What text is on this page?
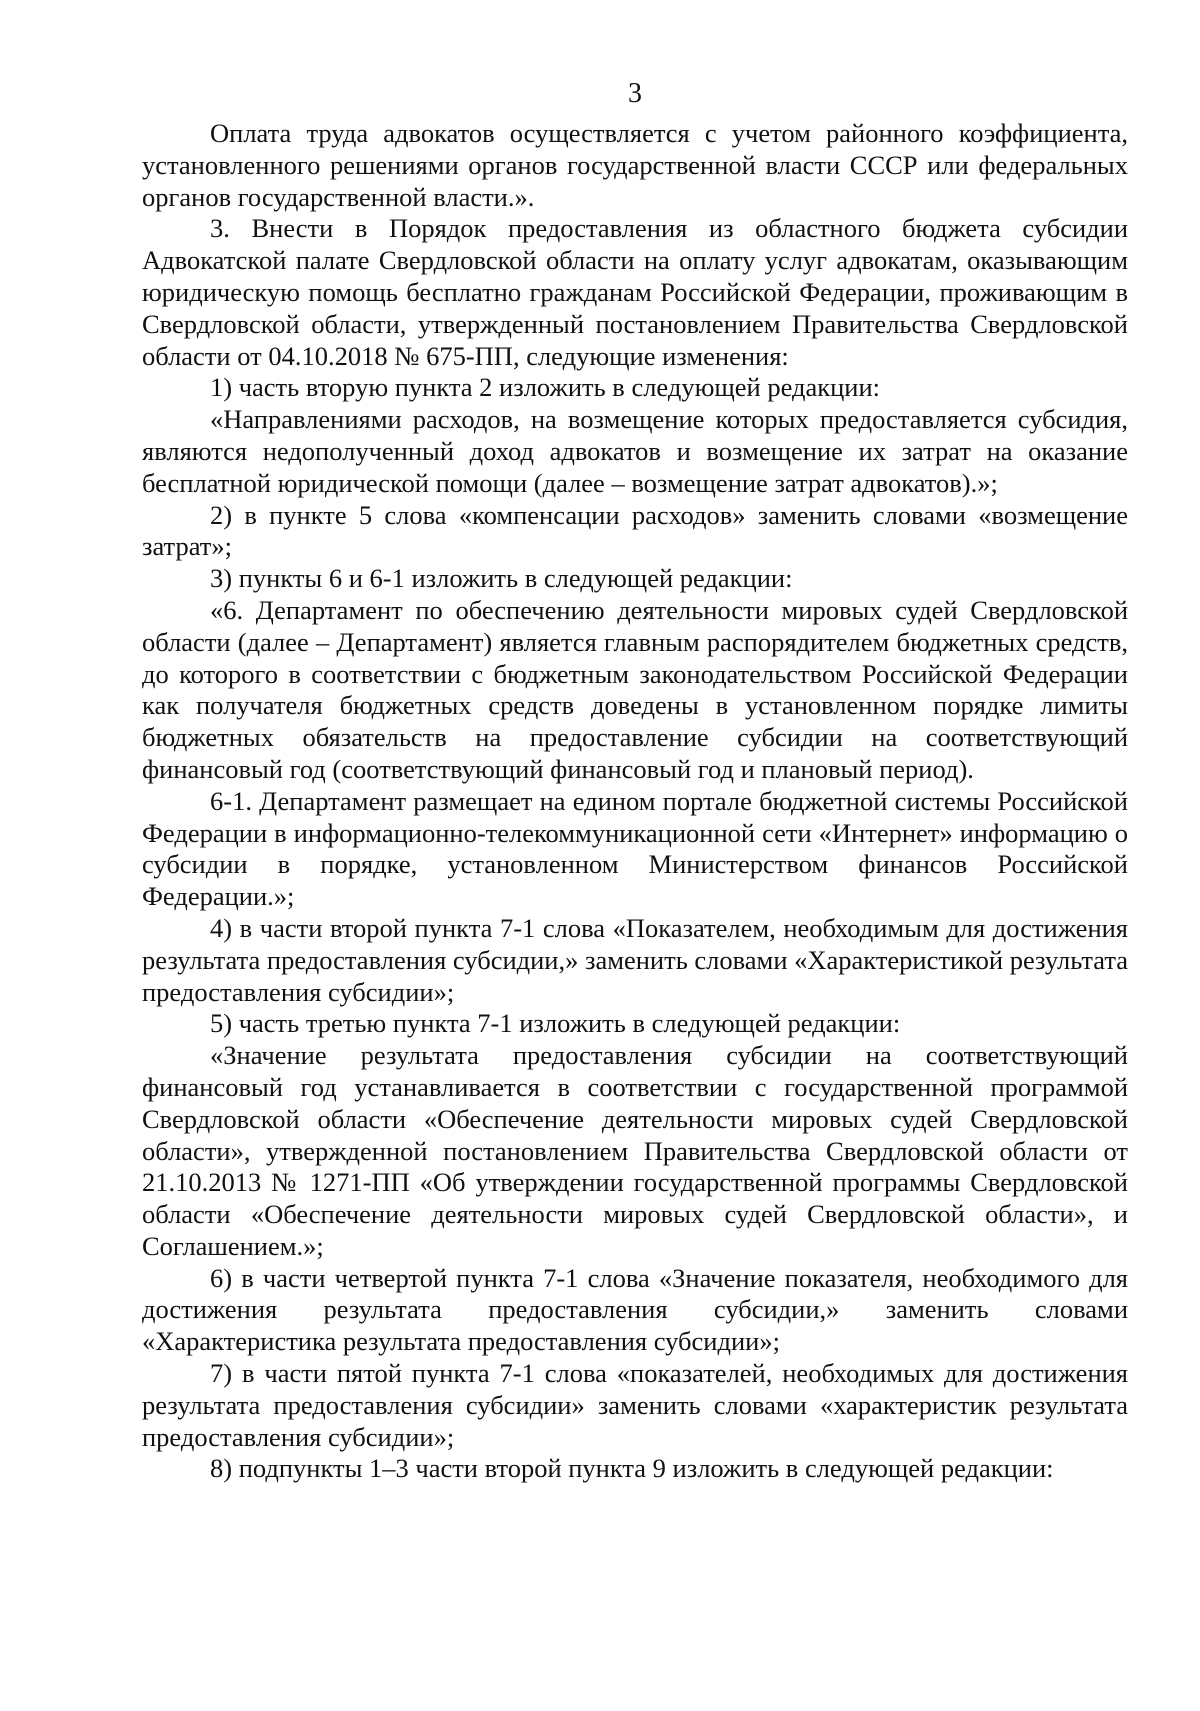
3

Оплата труда адвокатов осуществляется с учетом районного коэффициента, установленного решениями органов государственной власти СССР или федеральных органов государственной власти.».

3. Внести в Порядок предоставления из областного бюджета субсидии Адвокатской палате Свердловской области на оплату услуг адвокатам, оказывающим юридическую помощь бесплатно гражданам Российской Федерации, проживающим в Свердловской области, утвержденный постановлением Правительства Свердловской области от 04.10.2018 № 675-ПП, следующие изменения:

1) часть вторую пункта 2 изложить в следующей редакции:

«Направлениями расходов, на возмещение которых предоставляется субсидия, являются недополученный доход адвокатов и возмещение их затрат на оказание бесплатной юридической помощи (далее – возмещение затрат адвокатов).»;

2) в пункте 5 слова «компенсации расходов» заменить словами «возмещение затрат»;

3) пункты 6 и 6-1 изложить в следующей редакции:

«6. Департамент по обеспечению деятельности мировых судей Свердловской области (далее – Департамент) является главным распорядителем бюджетных средств, до которого в соответствии с бюджетным законодательством Российской Федерации как получателя бюджетных средств доведены в установленном порядке лимиты бюджетных обязательств на предоставление субсидии на соответствующий финансовый год (соответствующий финансовый год и плановый период).

6-1. Департамент размещает на едином портале бюджетной системы Российской Федерации в информационно-телекоммуникационной сети «Интернет» информацию о субсидии в порядке, установленном Министерством финансов Российской Федерации.»;

4) в части второй пункта 7-1 слова «Показателем, необходимым для достижения результата предоставления субсидии,» заменить словами «Характеристикой результата предоставления субсидии»;

5) часть третью пункта 7-1 изложить в следующей редакции:

«Значение результата предоставления субсидии на соответствующий финансовый год устанавливается в соответствии с государственной программой Свердловской области «Обеспечение деятельности мировых судей Свердловской области», утвержденной постановлением Правительства Свердловской области от 21.10.2013 № 1271-ПП «Об утверждении государственной программы Свердловской области «Обеспечение деятельности мировых судей Свердловской области», и Соглашением.»;

6) в части четвертой пункта 7-1 слова «Значение показателя, необходимого для достижения результата предоставления субсидии,» заменить словами «Характеристика результата предоставления субсидии»;

7) в части пятой пункта 7-1 слова «показателей, необходимых для достижения результата предоставления субсидии» заменить словами «характеристик результата предоставления субсидии»;

8) подпункты 1–3 части второй пункта 9 изложить в следующей редакции:
